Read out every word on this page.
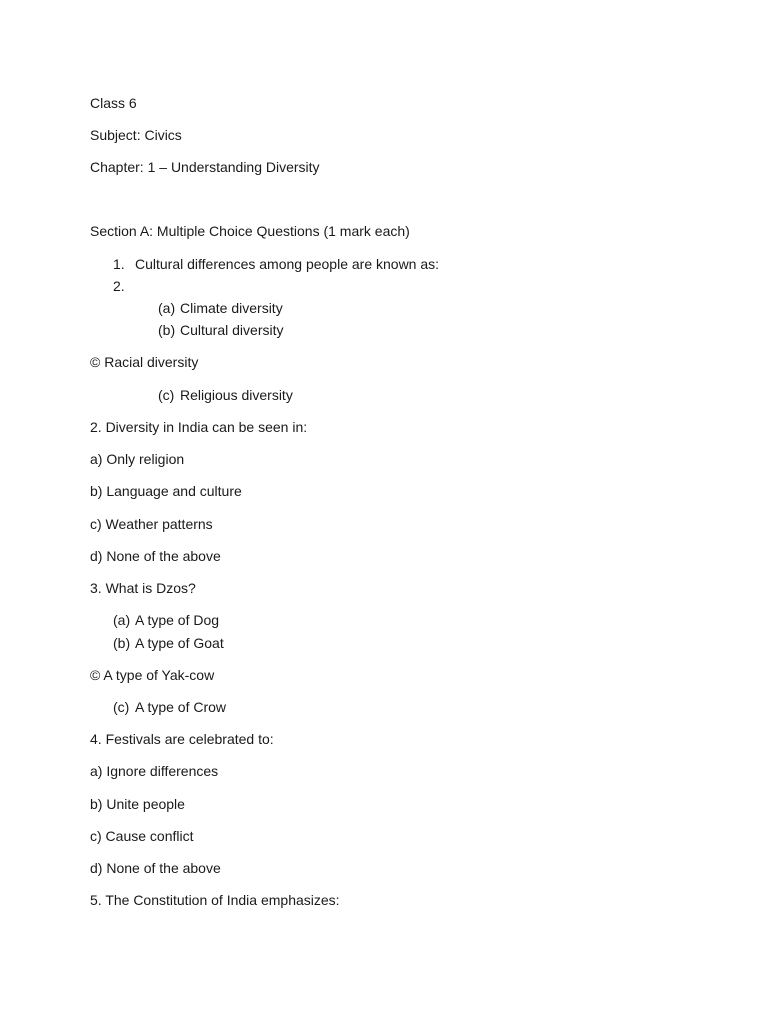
Class 6
Subject: Civics
Chapter: 1 – Understanding Diversity
Section A: Multiple Choice Questions (1 mark each)
1. Cultural differences among people are known as:
2.
(a) Climate diversity
(b) Cultural diversity
© Racial diversity
(c) Religious diversity
2. Diversity in India can be seen in:
a) Only religion
b) Language and culture
c) Weather patterns
d) None of the above
3. What is Dzos?
(a) A type of Dog
(b) A type of Goat
© A type of Yak-cow
(c) A type of Crow
4. Festivals are celebrated to:
a) Ignore differences
b) Unite people
c) Cause conflict
d) None of the above
5. The Constitution of India emphasizes:
